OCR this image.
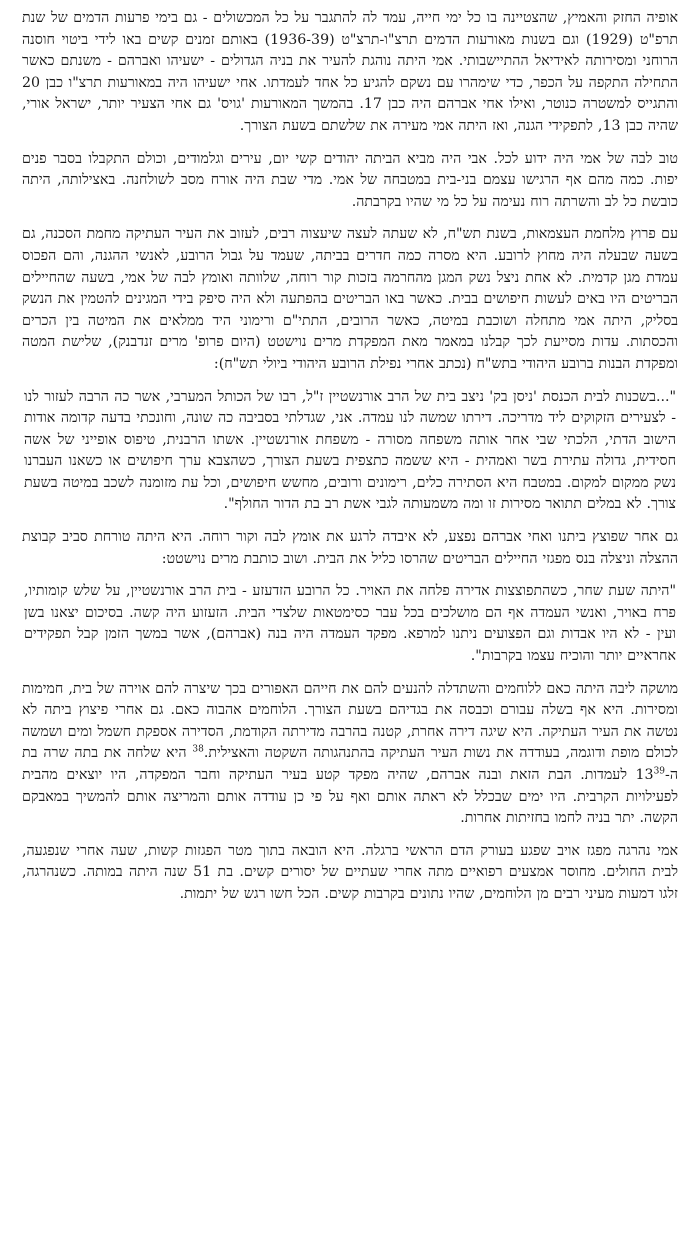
אופיה החזק והאמיץ, שהצטיינה בו כל ימי חייה, עמד לה להתגבר על כל המכשולים - גם בימי פרעות הדמים של שנת תרפ"ט (1929) וגם בשנות מאורעות הדמים תרצ"ו-תרצ"ט (1936-39) באותם זמנים קשים באו לידי ביטוי חוסנה הרוחני ומסירותה לאידיאל ההתיישבותי. אמי היתה נוהגת להעיר את בניה הגדולים - ישעיהו ואברהם - משנתם כאשר התחילה התקפה על הכפר, כדי שימהרו עם נשקם להגיע כל אחד לעמדתו. אחי ישעיהו היה במאורעות תרצ"ו כבן 20 והתגייס למשטרה כנוטר, ואילו אחי אברהם היה כבן 17. בהמשך המאורעות 'גויס' גם אחי הצעיר יותר, ישראל אורי, שהיה כבן 13, לתפקידי הגנה, ואז היתה אמי מעירה את שלשתם בשעת הצורך.

טוב לבה של אמי היה ידוע לכל. אבי היה מביא הביתה יהודים קשי יום, עירים וגלמודים, וכולם התקבלו בסבר פנים יפות. כמה מהם אף הרגישו עצמם בני-בית במטבחה של אמי. מדי שבת היה אורח מסב לשולחנה. באצילותה, היתה כובשת כל לב והשרתה רוח נעימה על כל מי שהיו בקרבתה.

עם פרוץ מלחמת העצמאות, בשנת תש"ח, לא שעתה לעצה שיעצוה רבים, לעזוב את העיר העתיקה מחמת הסכנה, גם בשעה שבעלה היה מחוץ לרובע. היא מסרה כמה חדרים בביתה, שעמד על גבול הרובע, לאנשי ההגנה, והם הפכוס עמדת מגן קדמית. לא אחת ניצל נשק המגן מהחרמה בזכות קור רוחה, שלוותה ואומץ לבה של אמי, בשעה שהחיילים הבריטים היו באים לעשות חיפושים בבית. כאשר באו הבריטים בהפתעה ולא היה סיפק בידי המגינים להטמין את הנשק בסליק, היתה אמי מתחלה ושוכבת במיטה, כאשר הרובים, התתי"ם ורימוני היד ממלאים את המיטה בין הכרים והכסתות. עדות מסייעת לכך קבלנו במאמר מאת המפקדת מרים נוישטט (היום פרופ' מרים זנדבנק), שלישת המטה ומפקדת הבנות ברובע היהודי בתש"ח (נכתב אחרי נפילת הרובע היהודי ביולי תש"ח):

"...בשכנות לבית הכנסת 'ניסן בק' ניצב בית של הרב אורנשטיין ז"ל, רבו של הכותל המערבי, אשר כה הרבה לעזור לנו - לצעירים הזקוקים ליד מדריכה. דירתו שמשה לנו עמדה. אני, שגדלתי בסביבה כה שונה, וחונכתי בדעה קדומה אודות הישוב הדתי, הלכתי שבי אחר אותה משפחה מסורה - משפחת אורנשטיין. אשתו הרבנית, טיפוס אופייני של אשה חסידית, גדולה עתירת בשר ואמהית - היא ששמה כתצפית בשעת הצורך, כשהצבא ערך חיפושים או כשאנו העברנו נשק ממקום למקום. במטבח היא הסתירה כלים, רימונים ורובים, מחשש חיפושים, וכל עת מזומנה לשכב במיטה בשעת צורך. לא במלים תתואר מסירות זו ומה משמעותה לגבי אשת רב בת הדור החולף".

גם אחר שפוצץ ביתנו ואחי אברהם נפצע, לא איבדה לרגע את אומץ לבה וקור רוחה. היא היתה טורחת סביב קבוצת ההצלה וניצלה בנס מפגזי החיילים הבריטים שהרסו כליל את הבית. ושוב כותבת מרים נוישטט:

"היתה שעת שחר, כשהתפוצצות אדירה פלחה את האויר. כל הרובע הזדעזע - בית הרב אורנשטיין, על שלש קומותיו, פרח באויר, ואנשי העמדה אף הם מושלכים בכל עבר כסימטאות שלצדי הבית. הזעזוע היה קשה. בסיכום יצאנו בשן ועין - לא היו אבדות וגם הפצועים ניתנו למרפא. מפקד העמדה היה בנה (אברהם), אשר במשך הזמן קבל תפקידים אחראיים יותר והוכיח עצמו בקרבות".

מושקה ליבה היתה כאם ללוחמים והשתדלה להנעים להם את חייהם האפורים בכך שיצרה להם אוירה של בית, חמימות ומסירות. היא אף בשלה עבורם וכבסה את בגדיהם בשעת הצורך. הלוחמים אהבוה כאם. גם אחרי פיצוץ ביתה לא נטשה את העיר העתיקה. היא שיגה דירה אחרת, קטנה בהרבה מדירתה הקודמת, הסדירה אספקת חשמל ומים ושמשה לכולם מופת ודוגמה, בעודדה את נשות העיר העתיקה בהתנהגותה השקטה והאצילית.$^{38}$ היא שלחה את בתה שרה בת $ה-13^{39}$ לעמדות. הבת הזאת ובנה אברהם, שהיה מפקד קטע בעיר העתיקה וחבר המפקדה, היו יוצאים מהבית לפעילויות הקרבית. היו ימים שבכלל לא ראתה אותם ואף על פי כן עודדה אותם והמריצה אותם להמשיך במאבקם הקשה. יתר בניה לחמו בחזיתות אחרות.

אמי נהרגה מפגז אויב שפגע בעורק הדם הראשי ברגלה. היא הובאה בתוך מטר הפגזות קשות, שעה אחרי שנפגעה, לבית החולים. מחוסר אמצעים רפואיים מתה אחרי שעתיים של יסורים קשים. בת 51 שנה היתה במותה. כשנהרגה, זלגו דמעות מעיני רבים מן הלוחמים, שהיו נתונים בקרבות קשים. הכל חשו רגש של יתמות.
